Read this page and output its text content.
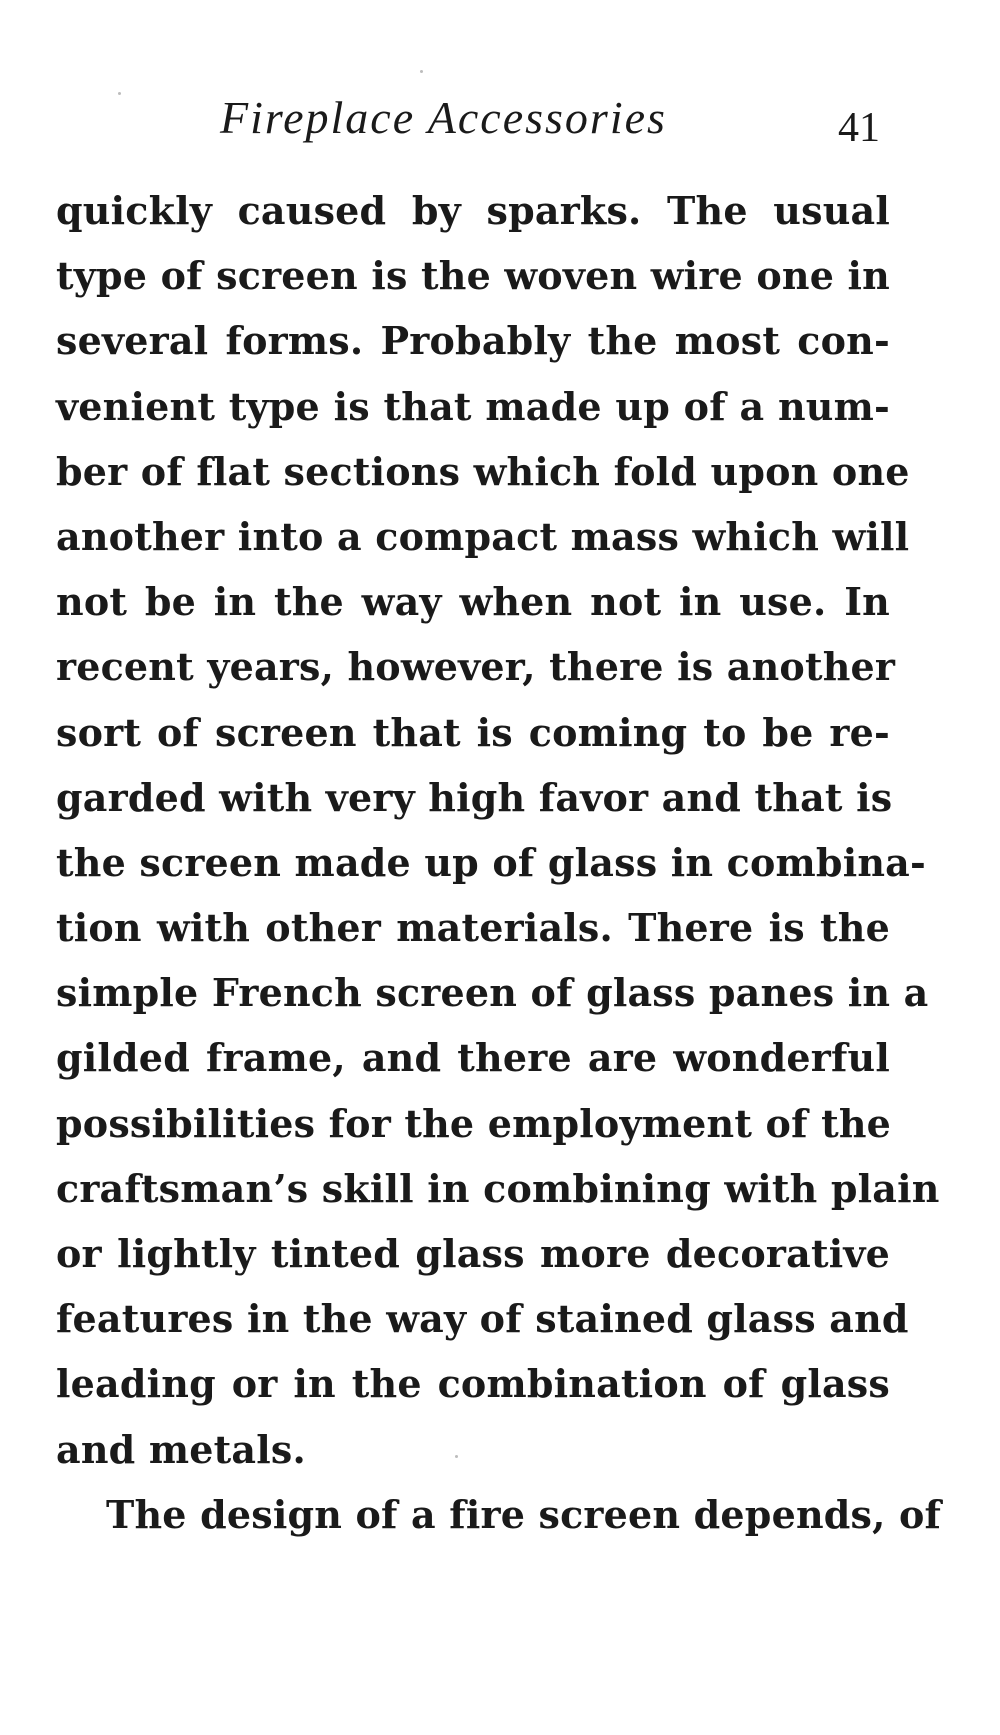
Fireplace Accessories	41
quickly caused by sparks. The usual
type of screen is the woven wire one in
several forms. Probably the most con-
venient type is that made up of a num-
ber of flat sections which fold upon one
another into a compact mass which will
not be in the way when not in use. In
recent years, however, there is another
sort of screen that is coming to be re-
garded with very high favor and that is
the screen made up of glass in combina-
tion with other materials. There is the
simple French screen of glass panes in a
gilded frame, and there are wonderful
possibilities for the employment of the
craftsman’s skill in combining with plain
or lightly tinted glass more decorative
features in the way of stained glass and
leading or in the combination of glass
and metals.
The design of a fire screen depends, of
